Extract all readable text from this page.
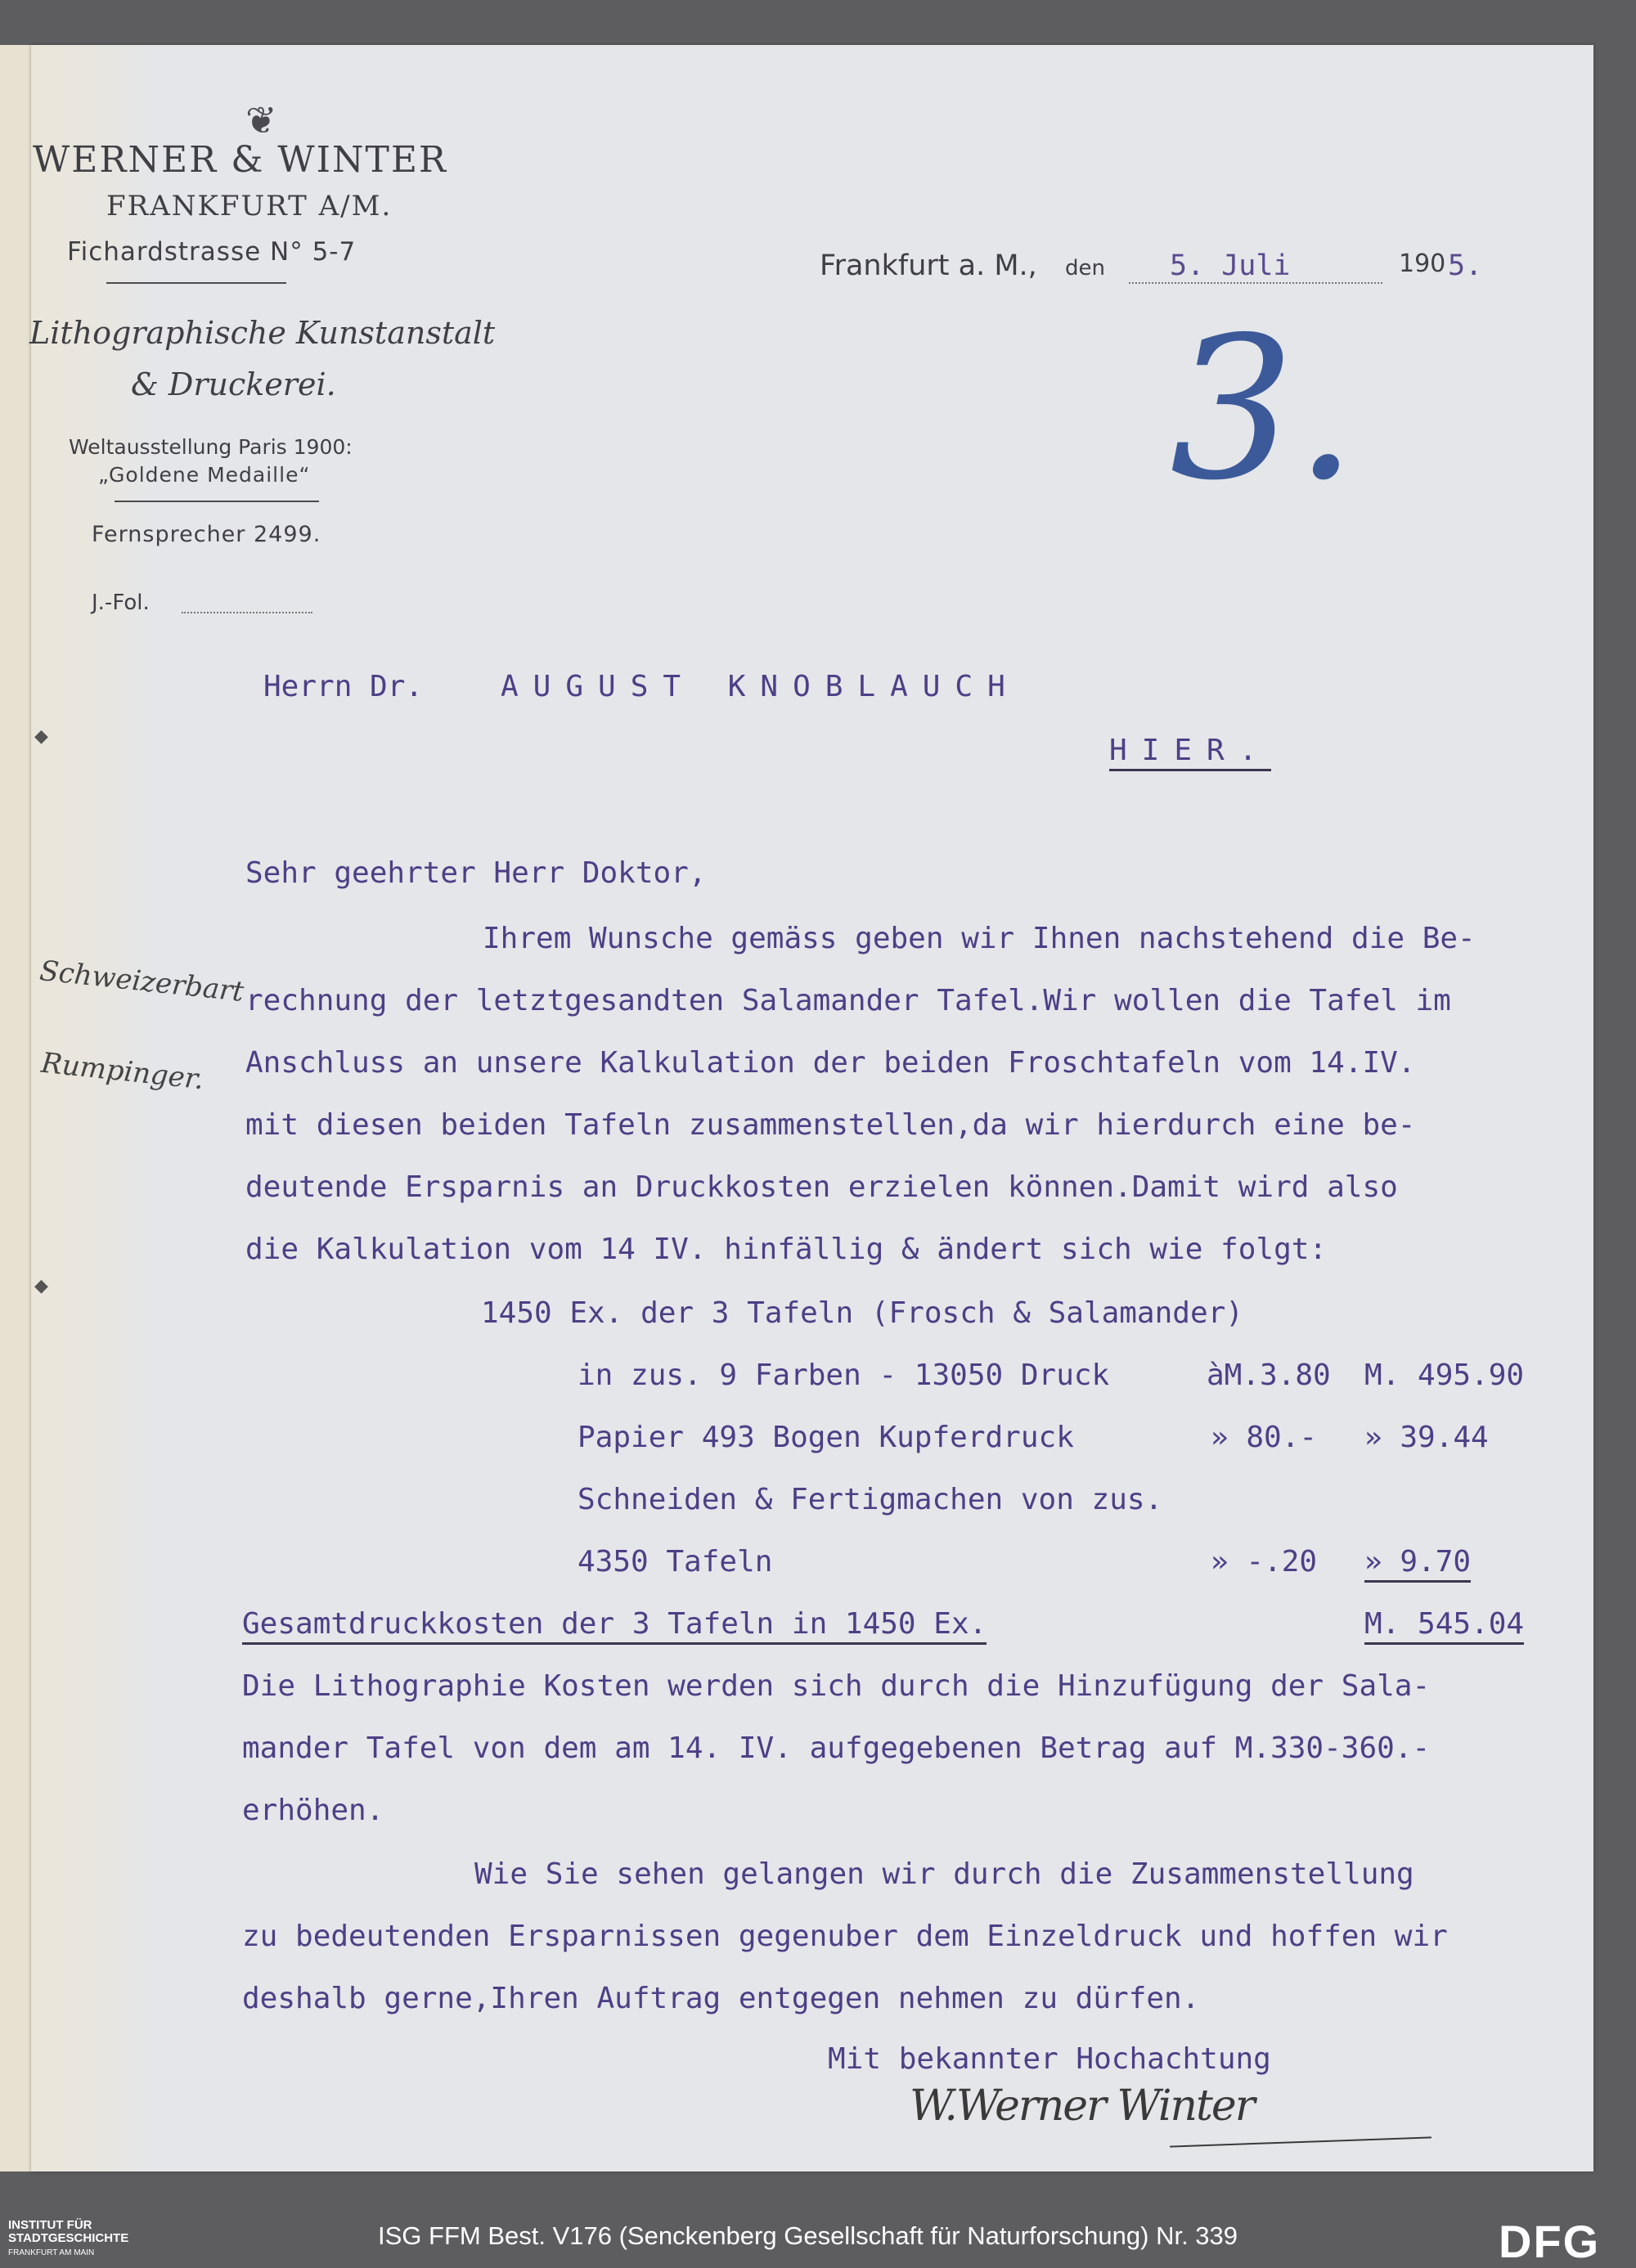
◆
◆
❦
WERNER & WINTER
FRANKFURT A/M.
Fichardstrasse N° 5-7
Lithographische Kunstanstalt
& Druckerei.
Weltausstellung Paris 1900:
„Goldene Medaille“
Fernsprecher 2499.
J.-Fol.
Frankfurt a. M., den	5. Juli	190 5.
3.
Schweizerbart
Rumpinger.
Herrn Dr.	AUGUST KNOBLAUCH
HIER.
Sehr geehrter Herr Doktor,
Ihrem Wunsche gemäss geben wir Ihnen nachstehend die Be-
rechnung der letztgesandten Salamander Tafel.Wir wollen die Tafel im
Anschluss an unsere Kalkulation der beiden Froschtafeln vom 14.IV.
mit diesen beiden Tafeln zusammenstellen,da wir hierdurch eine be-
deutende Ersparnis an Druckkosten erzielen können.Damit wird also
die Kalkulation vom 14 IV. hinfällig & ändert sich wie folgt:
1450 Ex. der 3 Tafeln (Frosch & Salamander)
in zus. 9 Farben - 13050 Druck	àM.3.80 M. 495.90
Papier 493 Bogen Kupferdruck	» 80.- » 39.44
Schneiden & Fertigmachen von zus.
4350 Tafeln	» -.20 » 9.70
Gesamtdruckkosten der 3 Tafeln in 1450 Ex.	M. 545.04
Die Lithographie Kosten werden sich durch die Hinzufügung der Sala-
mander Tafel von dem am 14. IV. aufgegebenen Betrag auf M.330-360.-
erhöhen.
Wie Sie sehen gelangen wir durch die Zusammenstellung
zu bedeutenden Ersparnissen gegenuber dem Einzeldruck und hoffen wir
deshalb gerne,Ihren Auftrag entgegen nehmen zu dürfen.
Mit bekannter Hochachtung
W.Werner Winter
INSTITUT FÜR
STADTGESCHICHTE
FRANKFURT AM MAIN
ISG FFM Best. V176 (Senckenberg Gesellschaft für Naturforschung) Nr. 339	DFG
